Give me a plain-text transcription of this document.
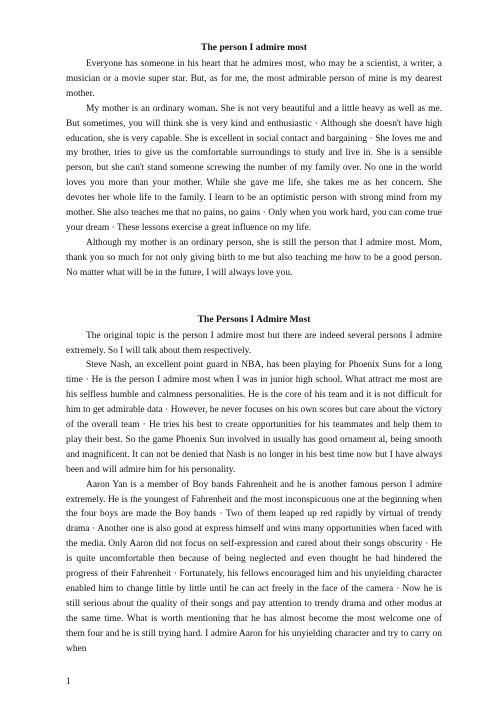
The person I admire most

Everyone has someone in his heart that he admires most, who may be a scientist, a writer, a musician or a movie super star. But, as for me, the most admirable person of mine is my dearest mother.

My mother is an ordinary woman. She is not very beautiful and a little heavy as well as me. But sometimes, you will think she is very kind and enthusiastic · Although she doesn't have high education, she is very capable. She is excellent in social contact and bargaining · She loves me and my brother, tries to give us the comfortable surroundings to study and live in. She is a sensible person, but she can't stand someone screwing the number of my family over. No one in the world loves you more than your mother. While she gave me life, she takes me as her concern. She devotes her whole life to the family. I learn to be an optimistic person with strong mind from my mother. She also teaches me that no pains, no gains · Only when you work hard, you can come true your dream · These lessons exercise a great influence on my life.

Although my mother is an ordinary person, she is still the person that I admire most. Mom, thank you so much for not only giving birth to me but also teaching me how to be a good person. No matter what will be in the future, I will always love you.

The Persons I Admire Most

The original topic is the person I admire most but there are indeed several persons I admire extremely. So I will talk about them respectively.

Steve Nash, an excellent point guard in NBA, has been playing for Phoenix Suns for a long time · He is the person I admire most when I was in junior high school. What attract me most are his selfless humble and calmness personalities. He is the core of his team and it is not difficult for him to get admirable data · However, he never focuses on his own scores but care about the victory of the overall team · He tries his best to create opportunities for his teammates and help them to play their best. So the game Phoenix Sun involved in usually has good ornament al, being smooth and magnificent. It can not be denied that Nash is no longer in his best time now but I have always been and will admire him for his personality.

Aaron Yan is a member of Boy bands Fahrenheit and he is another famous person I admire extremely. He is the youngest of Fahrenheit and the most inconspicuous one at the beginning when the four boys are made the Boy bands · Two of them leaped up red rapidly by virtual of trendy drama · Another one is also good at express himself and wins many opportunities when faced with the media. Only Aaron did not focus on self-expression and cared about their songs obscurity · He is quite uncomfortable then because of being neglected and even thought he had hindered the progress of their Fahrenheit · Fortunately, his fellows encouraged him and his unyielding character enabled him to change little by little until he can act freely in the face of the camera · Now he is still serious about the quality of their songs and pay attention to trendy drama and other modus at the same time. What is worth mentioning that he has almost become the most welcome one of them four and he is still trying hard. I admire Aaron for his unyielding character and try to carry on when

1
